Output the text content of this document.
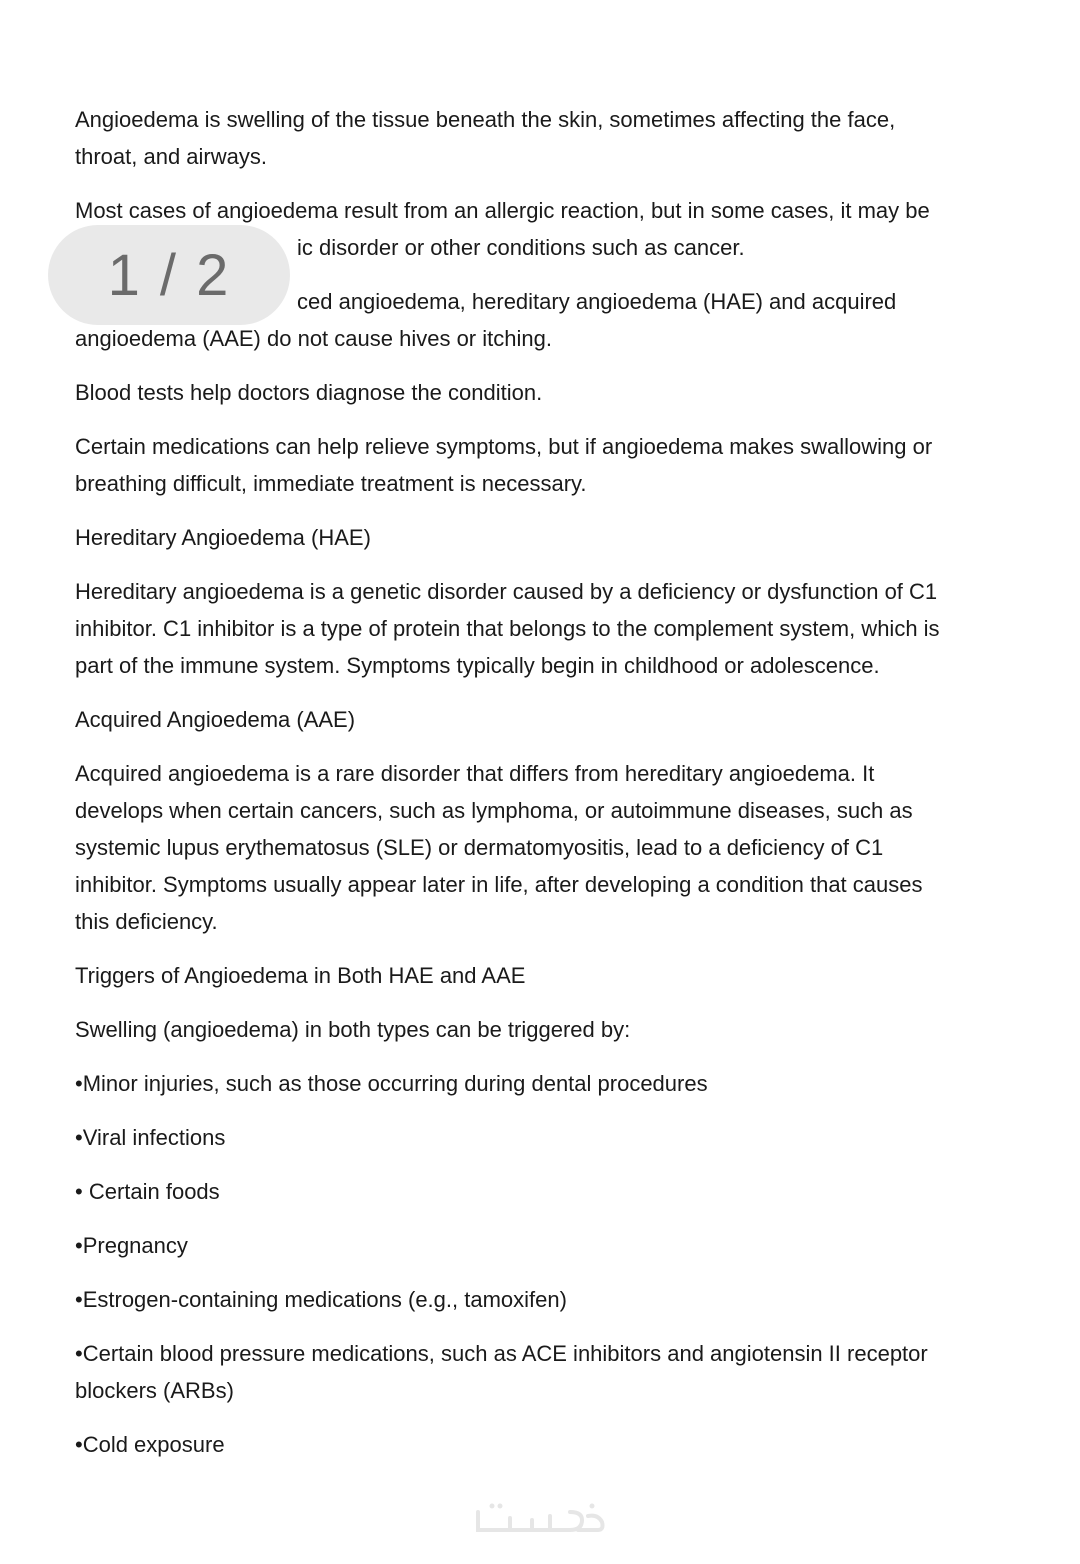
Angioedema is swelling of the tissue beneath the skin, sometimes affecting the face,
throat, and airways.

Most cases of angioedema result from an allergic reaction, but in some cases, it may be
ic disorder or other conditions such as cancer.

ced angioedema, hereditary angioedema (HAE) and acquired
angioedema (AAE) do not cause hives or itching.

Blood tests help doctors diagnose the condition.

Certain medications can help relieve symptoms, but if angioedema makes swallowing or
breathing difficult, immediate treatment is necessary.

Hereditary Angioedema (HAE)

Hereditary angioedema is a genetic disorder caused by a deficiency or dysfunction of C1
inhibitor. C1 inhibitor is a type of protein that belongs to the complement system, which is
part of the immune system. Symptoms typically begin in childhood or adolescence.

Acquired Angioedema (AAE)

Acquired angioedema is a rare disorder that differs from hereditary angioedema. It
develops when certain cancers, such as lymphoma, or autoimmune diseases, such as
systemic lupus erythematosus (SLE) or dermatomyositis, lead to a deficiency of C1
inhibitor. Symptoms usually appear later in life, after developing a condition that causes
this deficiency.

Triggers of Angioedema in Both HAE and AAE

Swelling (angioedema) in both types can be triggered by:

•Minor injuries, such as those occurring during dental procedures

•Viral infections

• Certain foods

•Pregnancy

•Estrogen-containing medications (e.g., tamoxifen)

•Certain blood pressure medications, such as ACE inhibitors and angiotensin II receptor
blockers (ARBs)

•Cold exposure

1 / 2
